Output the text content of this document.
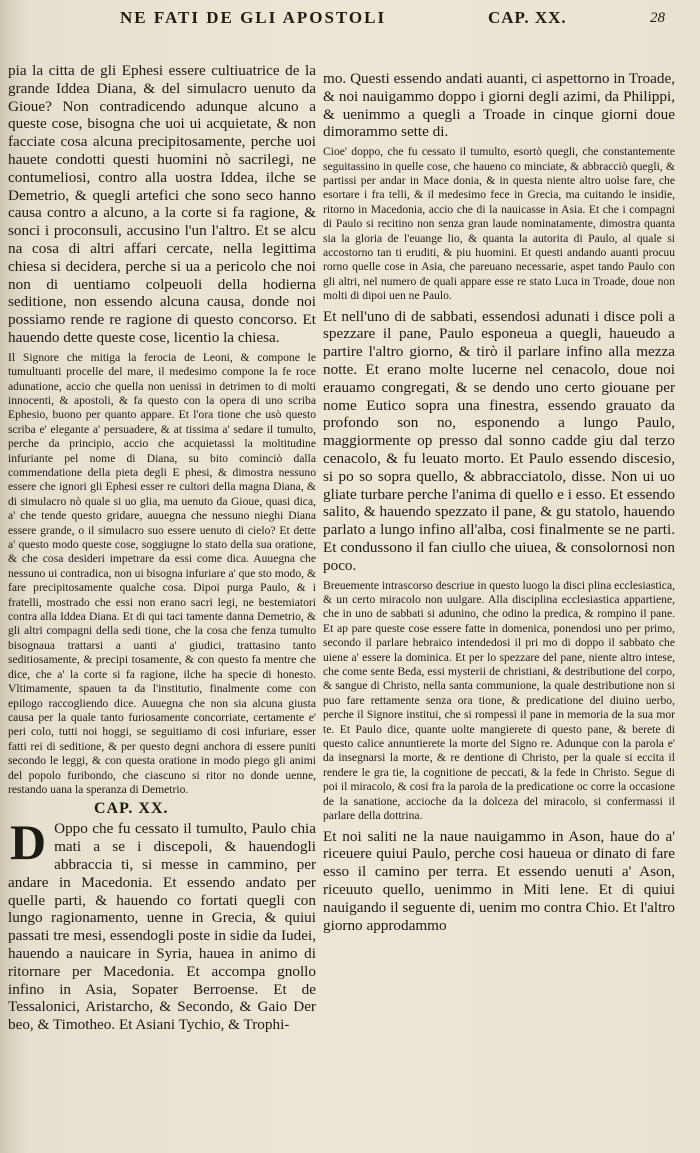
NE FATI DE GLI APOSTOLI	CAP. XX.	28

pia la citta de gli Ephesi essere cultiuatrice de la grande Iddea Diana, & del simulacro uenuto da Gioue? Non contradicendo adunque alcuno a queste cose, bisogna che uoi ui acquietate, & non facciate cosa alcuna precipitosamente, perche uoi hauete condotti questi huomini nò sacrilegi, ne contumeliosi, contro alla uostra Iddea, ilche se Demetrio, & quegli artefici che sono seco hanno causa contro a alcuno, a la corte si fa ragione, & sonci i proconsuli, accusino l'un l'altro. Et se alcu na cosa di altri affari cercate, nella legittima chiesa si decidera, perche si ua a pericolo che noi non di uentiamo colpeuoli della hodierna seditione, non essendo alcuna causa, donde noi possiamo rende re ragione di questo concorso. Et hauendo dette queste cose, licentio la chiesa.

Il Signore che mitiga la ferocia de Leoni, & compone le tumultuanti procelle del mare, il medesimo compone la fe roce adunatione, accio che quella non uenissi in detrimen to di molti innocenti, & apostoli, & fa questo con la opera di uno scriba Ephesio, buono per quanto appare. Et l'ora tione che usò questo scriba e' elegante a' persuadere, & at tissima a' sedare il tumulto, perche da principio, accio che acquietassi la moltitudine infuriante pel nome di Diana, su bito cominciò dalla commendatione della pieta degli E phesi, & dimostra nessuno essere che ignori gli Ephesi esser re cultori della magna Diana, & di simulacro nò quale si uo glia, ma uenuto da Gioue, quasi dica, a' che tende questo gridare, auuegna che nessuno nieghi Diana essere grande, o il simulacro suo essere uenuto di cielo? Et dette a' questo modo queste cose, soggiugne lo stato della sua oratione, & che cosa desideri impetrare da essi come dica. Auuegna che nessuno ui contradica, non ui bisogna infuriare a' que sto modo, & fare precipitosamente qualche cosa. Dipoi purga Paulo, & i fratelli, mostrado che essi non erano sacri legi, ne bestemiatori contra alla Iddea Diana. Et di qui taci tamente danna Demetrio, & gli altri compagni della sedi tione, che la cosa che fenza tumulto bisognaua trattarsi a uanti a' giudici, trattasino tanto seditiosamente, & precipi tosamente, & con questo fa mentre che dice, che a' la corte si fa ragione, ilche ha specie di honesto. Vltimamente, spauen ta da l'institutio, finalmente come con epilogo raccogliendo dice. Auuegna che non sia alcuna giusta causa per la quale tanto furiosamente concorriate, certamente e' peri colo, tutti noi hoggi, se seguitiamo di cosi infuriare, esser fatti rei di seditione, & per questo degni anchora di essere puniti secondo le leggi, & con questa oratione in modo piego gli animi del popolo furibondo, che ciascuno si ritor no donde uenne, restando uana la speranza di Demetrio.

CAP. XX.

D Oppo che fu cessato il tumulto, Paulo chia mati a se i discepoli, & hauendogli abbraccia ti, si messe in cammino, per andare in Macedonia. Et essendo andato per quelle parti, & hauendo co fortati quegli con lungo ragionamento, uenne in Grecia, & quiui passati tre mesi, essendogli poste in sidie da Iudei, hauendo a nauicare in Syria, hauea in animo di ritornare per Macedonia. Et accompa gnollo infino in Asia, Sopater Berroense. Et de Tessalonici, Aristarcho, & Secondo, & Gaio Der beo, & Timotheo. Et Asiani Tychio, & Trophi-

mo. Questi essendo andati auanti, ci aspettorno in Troade, & noi nauigammo doppo i giorni degli azimi, da Philippi, & uenimmo a quegli a Troade in cinque giorni doue dimorammo sette di.

Cioe' doppo, che fu cessato il tumulto, esortò quegli, che constantemente seguitassino in quelle cose, che haueno co minciate, & abbracciò quegli, & partissi per andar in Mace donia, & in questa niente altro uolse fare, che esortare i fra telli, & il medesimo fece in Grecia, ma cuitando le insidie, ritorno in Macedonia, accio che di la nauicasse in Asia. Et che i compagni di Paulo si recitino non senza gran laude nominatamente, dimostra quanta sia la gloria de l'euange lio, & quanta la autorita di Paulo, al quale si accostorno tan ti eruditi, & piu huomini. Et questi andando auanti procuu rorno quelle cose in Asia, che pareuano necessarie, aspet tando Paulo con gli altri, nel numero de quali appare esse re stato Luca in Troade, doue non molti di dipoi uen ne Paulo.

Et nell'uno di de sabbati, essendosi adunati i disce poli a spezzare il pane, Paulo esponeua a quegli, haueudo a partire l'altro giorno, & tirò il parlare infino alla mezza notte. Et erano molte lucerne nel cenacolo, doue noi erauamo congregati, & se dendo uno certo giouane per nome Eutico sopra una finestra, essendo grauato da profondo son no, esponendo a lungo Paulo, maggiormente op presso dal sonno cadde giu dal terzo cenacolo, & fu leuato morto. Et Paulo essendo discesio, si po so sopra quello, & abbracciatolo, disse. Non ui uo gliate turbare perche l'anima di quello e i esso. Et essendo salito, & hauendo spezzato il pane, & gu statolo, hauendo parlato a lungo infino all'alba, cosi finalmente se ne parti. Et condussono il fan ciullo che uiuea, & consolornosi non poco.

Breuemente intrascorso descriue in questo luogo la disci plina ecclesiastica, & un certo miracolo non uulgare. Alla disciplina ecclesiastica appartiene, che in uno de sabbati si adunino, che odino la predica, & rompino il pane. Et ap pare queste cose essere fatte in domenica, ponendosi uno per primo, secondo il parlare hebraico intendedosi il pri mo di doppo il sabbato che uiene a' essere la dominica. Et per lo spezzare del pane, niente altro intese, che come sente Beda, essi mysterii de christiani, & destributione del corpo, & sangue di Christo, nella santa communione, la quale destributione non si puo fare rettamente senza ora tione, & predicatione del diuino uerbo, perche il Signore institui, che si rompessi il pane in memoria de la sua mor te. Et Paulo dice, quante uolte mangierete di questo pane, & berete di questo calice annuntierete la morte del Signo re. Adunque con la parola e' da insegnarsi la morte, & re dentione di Christo, per la quale si eccita il rendere le gra tie, la cognitione de peccati, & la fede in Christo. Segue di poi il miracolo, & cosi fra la parola de la predicatione oc corre la occasione de la sanatione, accioche da la dolceza del miracolo, si confermassi il parlare della dottrina.

Et noi saliti ne la naue nauigammo in Ason, haue do a' riceuere quiui Paulo, perche cosi haueua or dinato di fare esso il camino per terra. Et essendo uenuti a' Ason, riceuuto quello, uenimmo in Miti lene. Et di quiui nauigando il seguente di, uenim mo contra Chio. Et l'altro giorno approdammo
